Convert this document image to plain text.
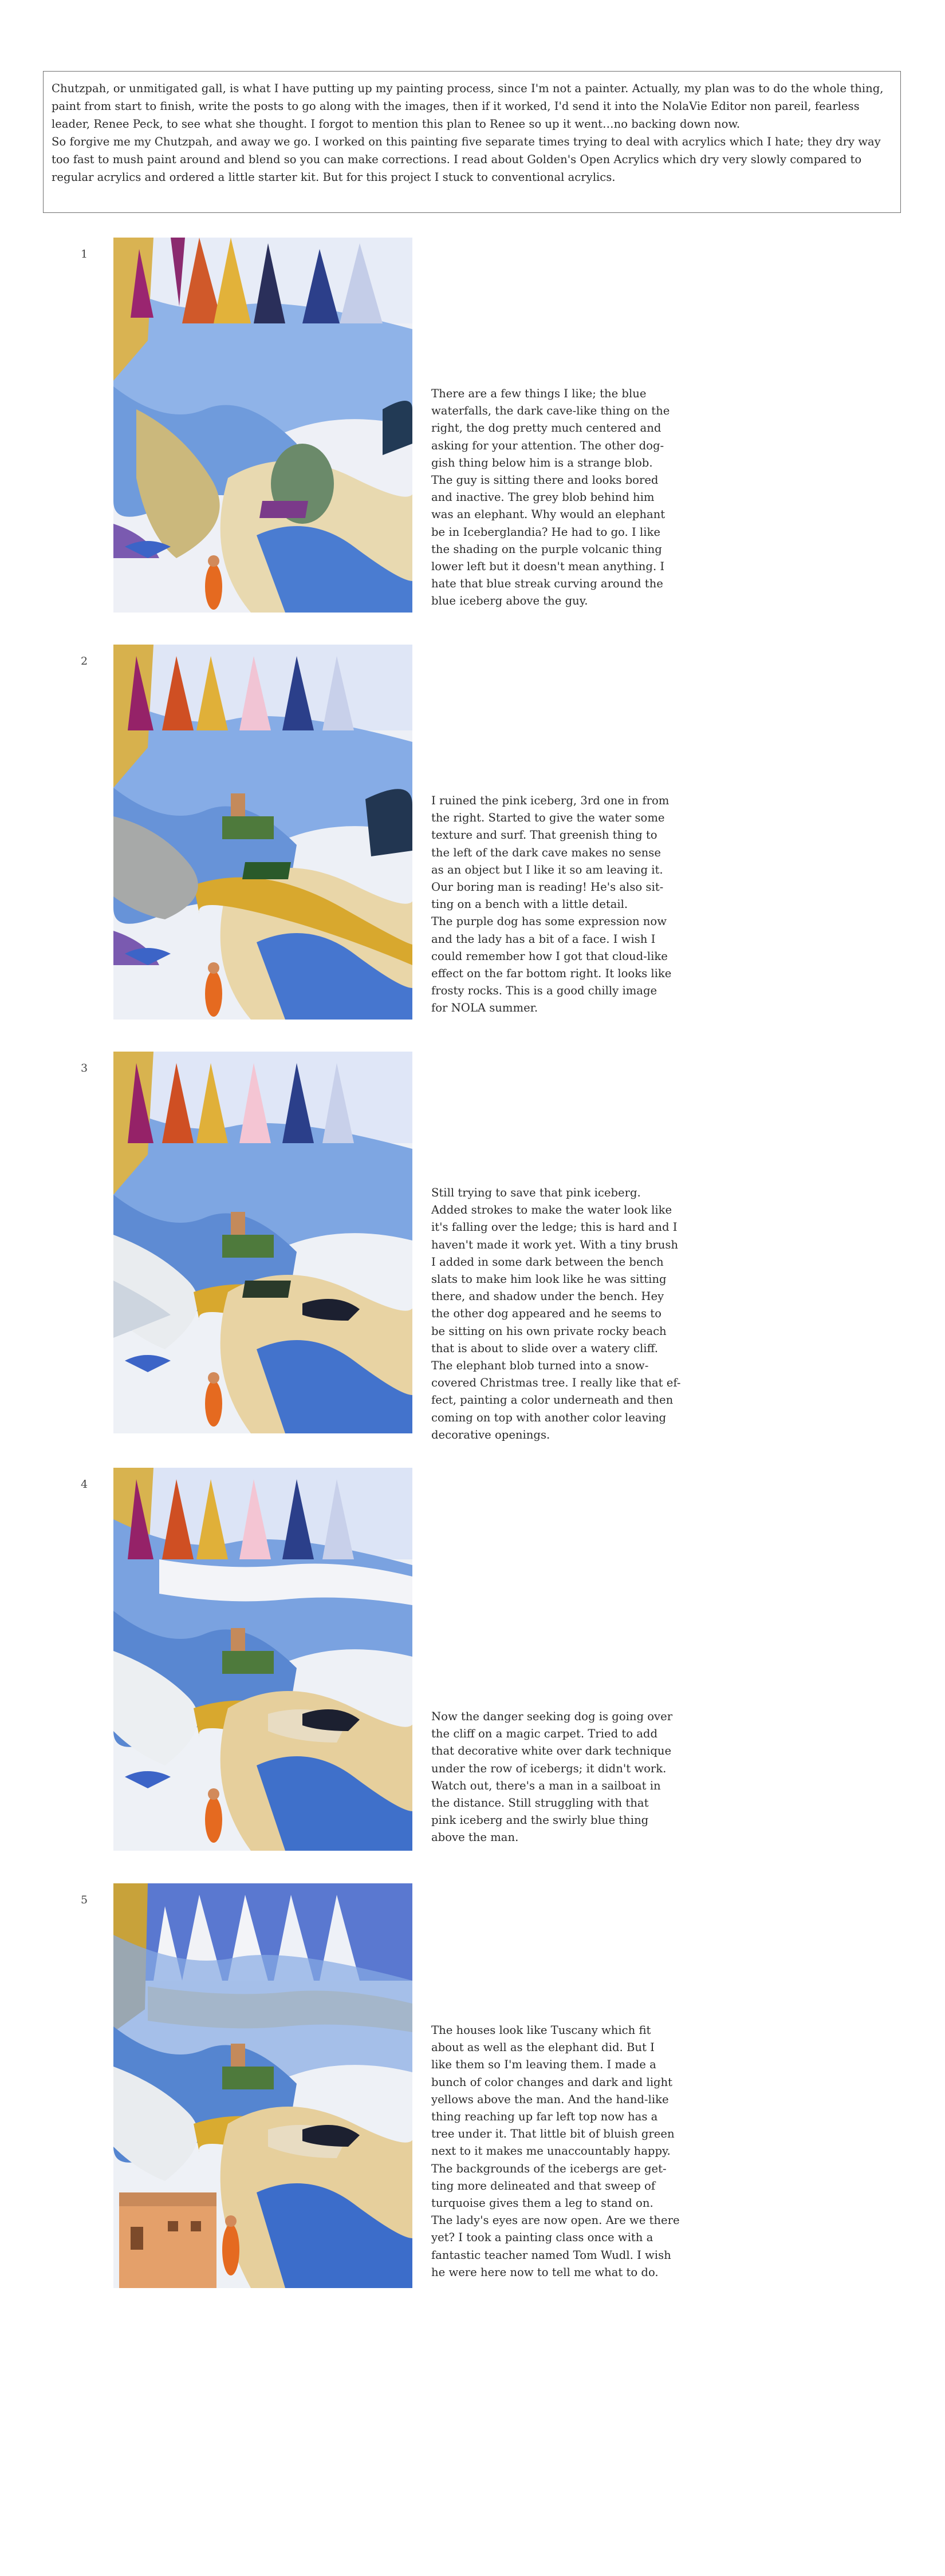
Chutzpah, or unmitigated gall, is what I have putting up my painting process, since I'm not a painter. Actually, my plan was to do the whole thing, paint from start to finish, write the posts to go along with the images, then if it worked, I'd send it into the NolaVie Editor non pareil, fearless leader, Renee Peck, to see what she thought. I forgot to mention this plan to Renee so up it went…no backing down now.

So forgive me my Chutzpah, and away we go. I worked on this painting five separate times trying to deal with acrylics which I hate; they dry way too fast to mush paint around and blend so you can make corrections. I read about Golden's Open Acrylics which dry very slowly compared to regular acrylics and ordered a little starter kit. But for this project I stuck to conventional acrylics.

1
There are a few things I like; the blue
waterfalls, the dark cave-like thing on the
right, the dog pretty much centered and
asking for your attention. The other dog-
gish thing below him is a strange blob.
The guy is sitting there and looks bored
and inactive. The grey blob behind him
was an elephant. Why would an elephant
be in Iceberglandia? He had to go. I like
the shading on the purple volcanic thing
lower left but it doesn't mean anything. I
hate that blue streak curving around the
blue iceberg above the guy.
2
I ruined the pink iceberg, 3rd one in from
the right. Started to give the water some
texture and surf. That greenish thing to
the left of the dark cave makes no sense
as an object but I like it so am leaving it.
Our boring man is reading! He's also sit-
ting on a bench with a little detail.
The purple dog has some expression now
and the lady has a bit of a face. I wish I
could remember how I got that cloud-like
effect on the far bottom right. It looks like
frosty rocks. This is a good chilly image
for NOLA summer.
3
Still trying to save that pink iceberg.
Added strokes to make the water look like
it's falling over the ledge; this is hard and I
haven't made it work yet. With a tiny brush
I added in some dark between the bench
slats to make him look like he was sitting
there, and shadow under the bench. Hey
the other dog appeared and he seems to
be sitting on his own private rocky beach
that is about to slide over a watery cliff.
The elephant blob turned into a snow-
covered Christmas tree. I really like that ef-
fect, painting a color underneath and then
coming on top with another color leaving
decorative openings.
4
Now the danger seeking dog is going over
the cliff on a magic carpet. Tried to add
that decorative white over dark technique
under the row of icebergs; it didn't work.
Watch out, there's a man in a sailboat in
the distance. Still struggling with that
pink iceberg and the swirly blue thing
above the man.
5
The houses look like Tuscany which fit
about as well as the elephant did. But I
like them so I'm leaving them. I made a
bunch of color changes and dark and light
yellows above the man. And the hand-like
thing reaching up far left top now has a
tree under it. That little bit of bluish green
next to it makes me unaccountably happy.
The backgrounds of the icebergs are get-
ting more delineated and that sweep of
turquoise gives them a leg to stand on.
The lady's eyes are now open. Are we there
yet? I took a painting class once with a
fantastic teacher named Tom Wudl. I wish
he were here now to tell me what to do.
